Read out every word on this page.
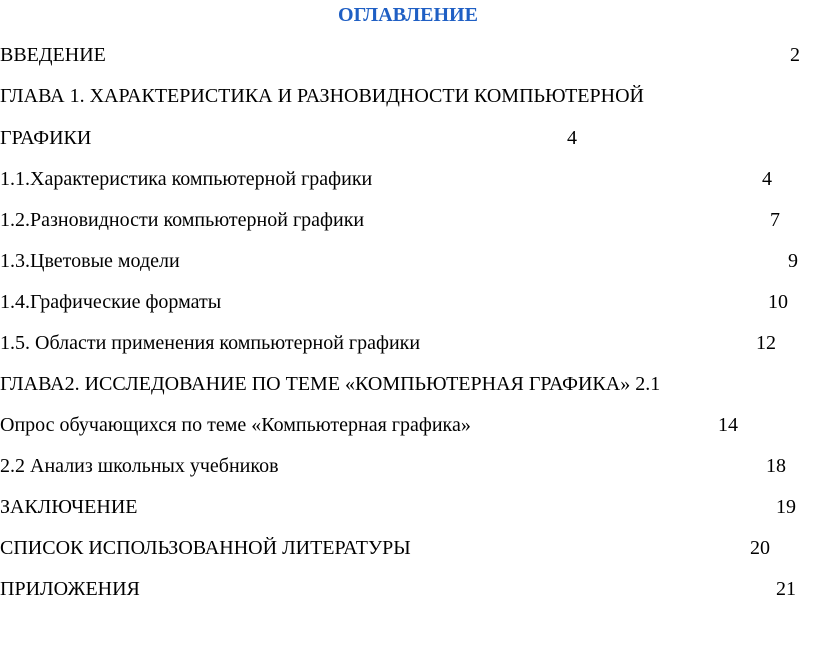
ОГЛАВЛЕНИЕ
ВВЕДЕНИЕ	2
ГЛАВА 1. ХАРАКТЕРИСТИКА И РАЗНОВИДНОСТИ КОМПЬЮТЕРНОЙ
ГРАФИКИ	4
1.1.Характеристика компьютерной графики	4
1.2.Разновидности компьютерной графики	7
1.3.Цветовые модели	9
1.4.Графические форматы	10
1.5. Области применения компьютерной графики	12
ГЛАВА2. ИССЛЕДОВАНИЕ ПО ТЕМЕ «КОМПЬЮТЕРНАЯ ГРАФИКА» 2.1
Опрос обучающихся по теме «Компьютерная графика»	14
2.2 Анализ школьных учебников	18
ЗАКЛЮЧЕНИЕ	19
СПИСОК ИСПОЛЬЗОВАННОЙ ЛИТЕРАТУРЫ	20
ПРИЛОЖЕНИЯ	21
